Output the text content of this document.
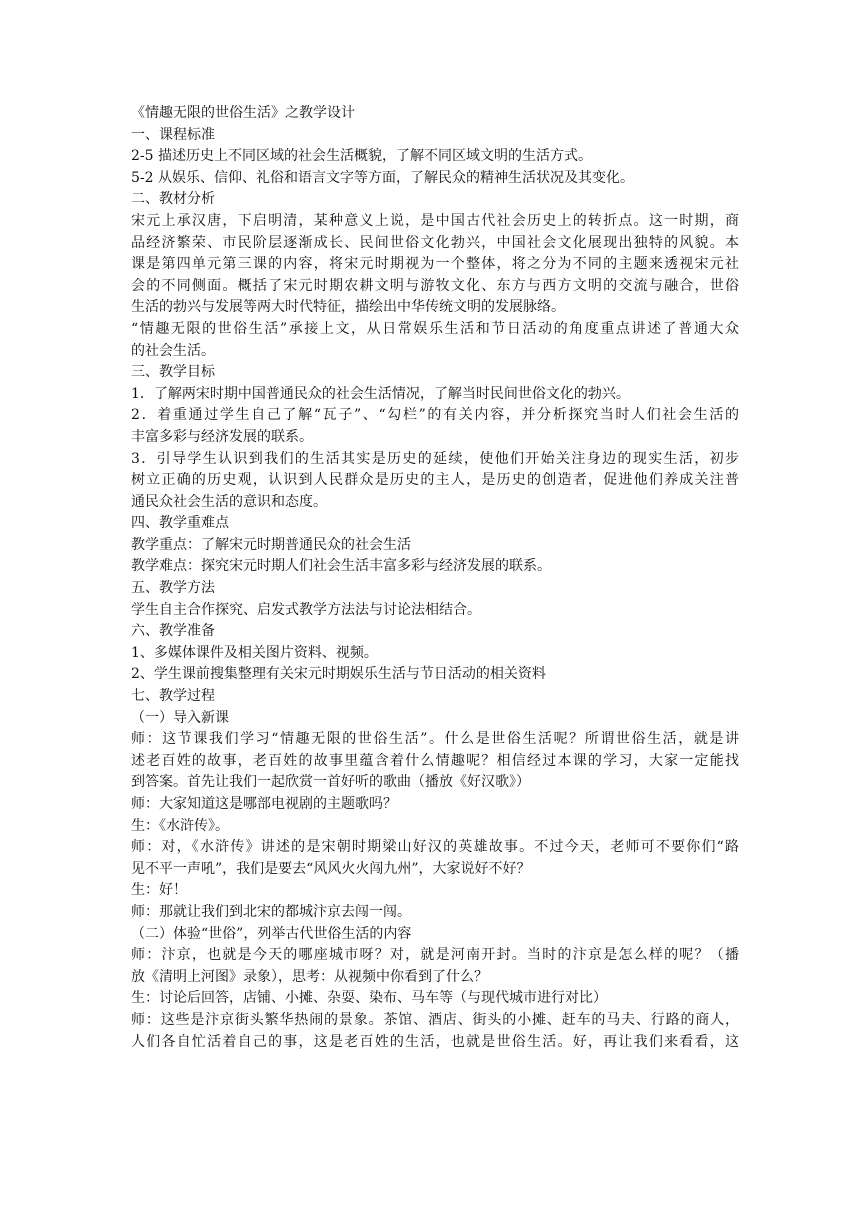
《情趣无限的世俗生活》之教学设计
一、课程标准
2-5 描述历史上不同区域的社会生活概貌，了解不同区域文明的生活方式。
5-2 从娱乐、信仰、礼俗和语言文字等方面，了解民众的精神生活状况及其变化。
二、教材分析
宋元上承汉唐，下启明清，某种意义上说，是中国古代社会历史上的转折点。这一时期，商
品经济繁荣、市民阶层逐渐成长、民间世俗文化勃兴，中国社会文化展现出独特的风貌。本
课是第四单元第三课的内容，将宋元时期视为一个整体，将之分为不同的主题来透视宋元社
会的不同侧面。概括了宋元时期农耕文明与游牧文化、东方与西方文明的交流与融合，世俗
生活的勃兴与发展等两大时代特征，描绘出中华传统文明的发展脉络。
“情趣无限的世俗生活”承接上文，从日常娱乐生活和节日活动的角度重点讲述了普通大众
的社会生活。
三、教学目标
1．了解两宋时期中国普通民众的社会生活情况，了解当时民间世俗文化的勃兴。
2．着重通过学生自己了解“瓦子”、“勾栏”的有关内容，并分析探究当时人们社会生活的
丰富多彩与经济发展的联系。
3．引导学生认识到我们的生活其实是历史的延续，使他们开始关注身边的现实生活，初步
树立正确的历史观，认识到人民群众是历史的主人，是历史的创造者，促进他们养成关注普
通民众社会生活的意识和态度。
四、教学重难点
教学重点：了解宋元时期普通民众的社会生活
教学难点：探究宋元时期人们社会生活丰富多彩与经济发展的联系。
五、教学方法
学生自主合作探究、启发式教学方法法与讨论法相结合。
六、教学准备
1、多媒体课件及相关图片资料、视频。
2、学生课前搜集整理有关宋元时期娱乐生活与节日活动的相关资料
七、教学过程
（一）导入新课
师：这节课我们学习“情趣无限的世俗生活”。什么是世俗生活呢？所谓世俗生活，就是讲
述老百姓的故事，老百姓的故事里蕴含着什么情趣呢？相信经过本课的学习，大家一定能找
到答案。首先让我们一起欣赏一首好听的歌曲（播放《好汉歌》）
师：大家知道这是哪部电视剧的主题歌吗？
生：《水浒传》。
师：对，《水浒传》讲述的是宋朝时期梁山好汉的英雄故事。不过今天，老师可不要你们“路
见不平一声吼”，我们是要去“风风火火闯九州”，大家说好不好？
生：好！
师：那就让我们到北宋的都城汴京去闯一闯。
（二）体验“世俗”，列举古代世俗生活的内容
师：汴京，也就是今天的哪座城市呀？对，就是河南开封。当时的汴京是怎么样的呢？（播
放《清明上河图》录象），思考：从视频中你看到了什么？
生：讨论后回答，店铺、小摊、杂耍、染布、马车等（与现代城市进行对比）
师：这些是汴京街头繁华热闹的景象。茶馆、酒店、街头的小摊、赶车的马夫、行路的商人，
人们各自忙活着自己的事，这是老百姓的生活，也就是世俗生活。好，再让我们来看看，这
